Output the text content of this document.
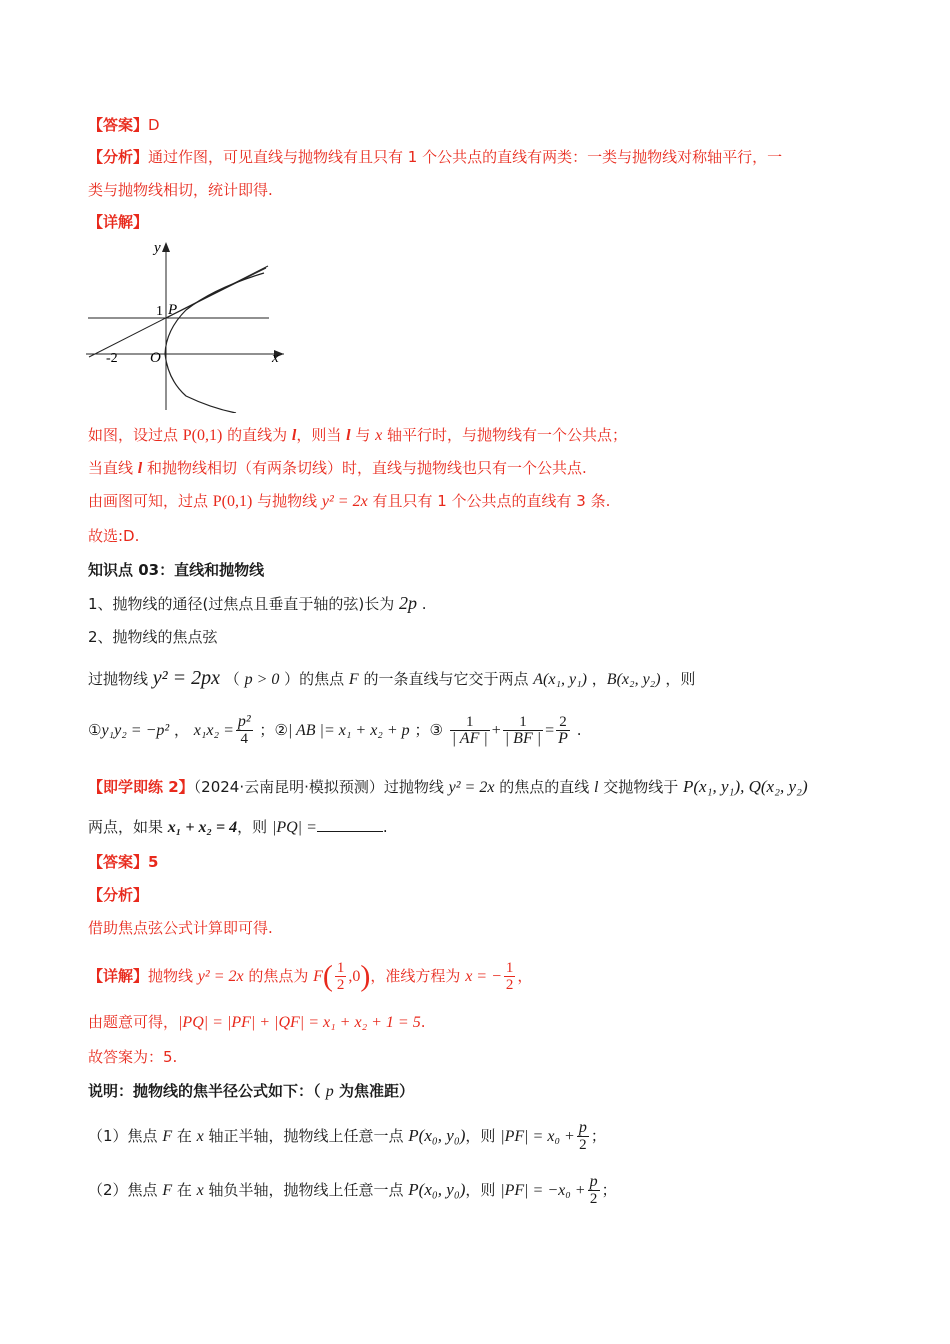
【答案】D
【分析】通过作图，可见直线与抛物线有且只有 1 个公共点的直线有两类：一类与抛物线对称轴平行，一
类与抛物线相切，统计即得.
【详解】
y
x
1 P
O
-2
如图，设过点 P(0,1) 的直线为 l，则当 l 与 x 轴平行时，与抛物线有一个公共点；
当直线 l 和抛物线相切（有两条切线）时，直线与抛物线也只有一个公共点.
由画图可知，过点 P(0,1) 与抛物线 y² = 2x 有且只有 1 个公共点的直线有 3 条.
故选:D.
知识点 03：直线和抛物线
1、抛物线的通径(过焦点且垂直于轴的弦)长为 2p .
2、抛物线的焦点弦
过抛物线 y² = 2px （ p > 0 ）的焦点 F 的一条直线与它交于两点 A(x₁, y₁) ，B(x₂, y₂) ，则
①y₁y₂ = −p² ， $x_1x_2 = \frac{\text{p²}}{4}$ ；②| AB |= x₁ + x₂ + p ；③ $\frac{1}{| AF |} + \frac{1}{| BF |} = \frac{2}{P}$ .
【即学即练 2】（2024·云南昆明·模拟预测）过抛物线 y² = 2x 的焦点的直线 l 交抛物线于 P(x₁, y₁), Q(x₂, y₂)
两点，如果 x₁ + x₂ = 4，则 |PQ| =	.
【答案】5
【分析】
借助焦点弦公式计算即可得.
【详解】抛物线 y² = 2x 的焦点为 $F( \frac{1}{2} ,0)$，准线方程为 x = − $\frac{1}{2}$ ，
由题意可得，|PQ| = |PF| + |QF| = x₁ + x₂ + 1 = 5.
故答案为：5.
说明：抛物线的焦半径公式如下：（ p 为焦准距）
（1）焦点 F 在 x 轴正半轴，抛物线上任意一点 P(x₀, y₀)，则 $|PF| = x_0 + \frac{p}{2}$ ；
（2）焦点 F 在 x 轴负半轴，抛物线上任意一点 P(x₀, y₀)，则 $|PF| = -x_0 + \frac{p}{2}$ ；
